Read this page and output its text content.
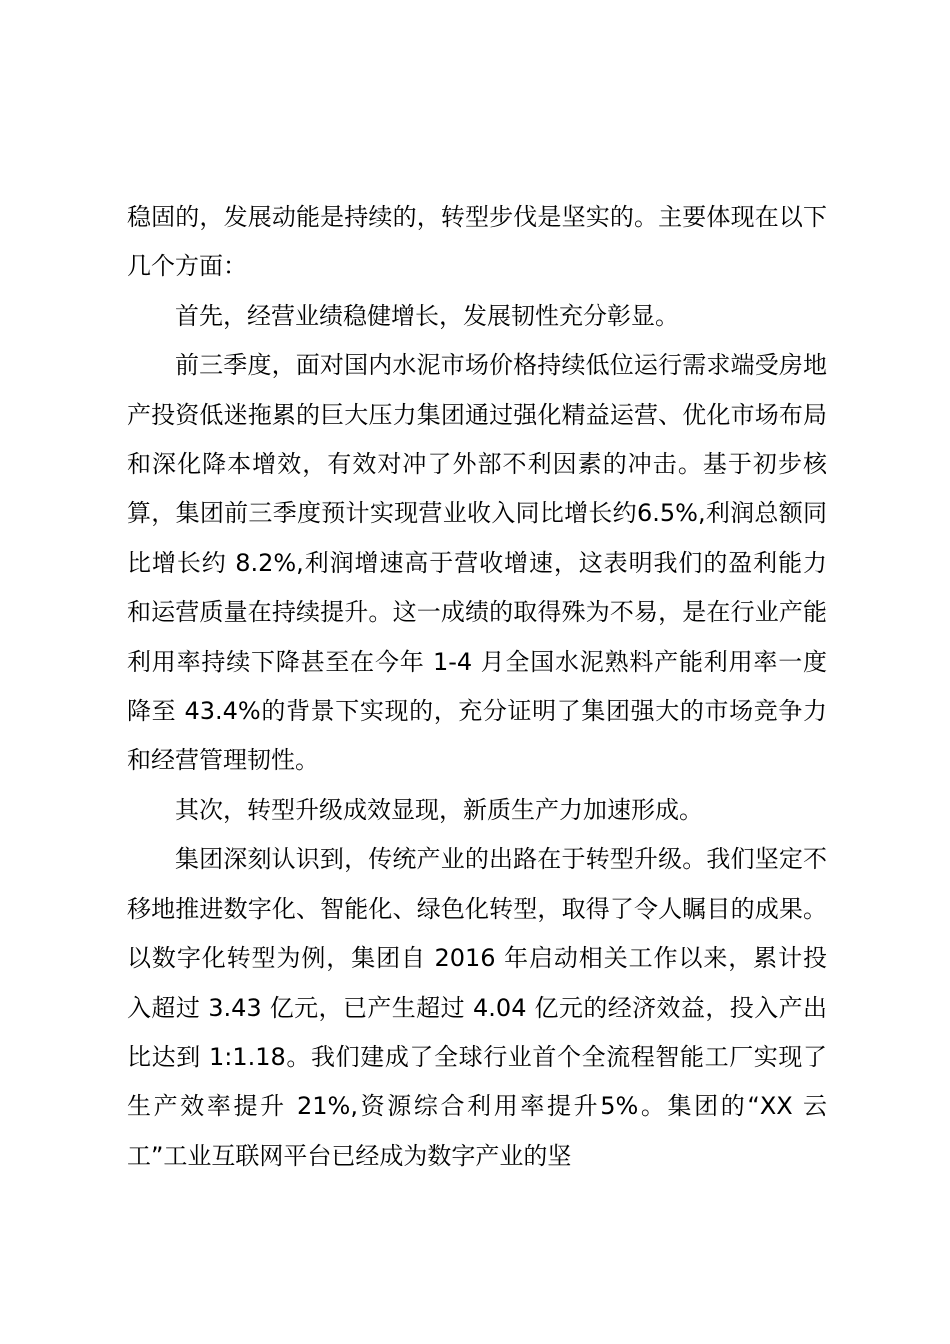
稳固的，发展动能是持续的，转型步伐是坚实的。主要体现在以下几个方面：

首先，经营业绩稳健增长，发展韧性充分彰显。

前三季度，面对国内水泥市场价格持续低位运行需求端受房地产投资低迷拖累的巨大压力集团通过强化精益运营、优化市场布局和深化降本增效，有效对冲了外部不利因素的冲击。基于初步核算，集团前三季度预计实现营业收入同比增长约6.5%,利润总额同比增长约 8.2%,利润增速高于营收增速，这表明我们的盈利能力和运营质量在持续提升。这一成绩的取得殊为不易，是在行业产能利用率持续下降甚至在今年 1-4 月全国水泥熟料产能利用率一度降至 43.4%的背景下实现的，充分证明了集团强大的市场竞争力和经营管理韧性。

其次，转型升级成效显现，新质生产力加速形成。

集团深刻认识到，传统产业的出路在于转型升级。我们坚定不移地推进数字化、智能化、绿色化转型，取得了令人瞩目的成果。以数字化转型为例，集团自 2016 年启动相关工作以来，累计投入超过 3.43 亿元，已产生超过 4.04 亿元的经济效益，投入产出比达到 1:1.18。我们建成了全球行业首个全流程智能工厂实现了生产效率提升 21%,资源综合利用率提升5%。集团的“XX 云工”工业互联网平台已经成为数字产业的坚
